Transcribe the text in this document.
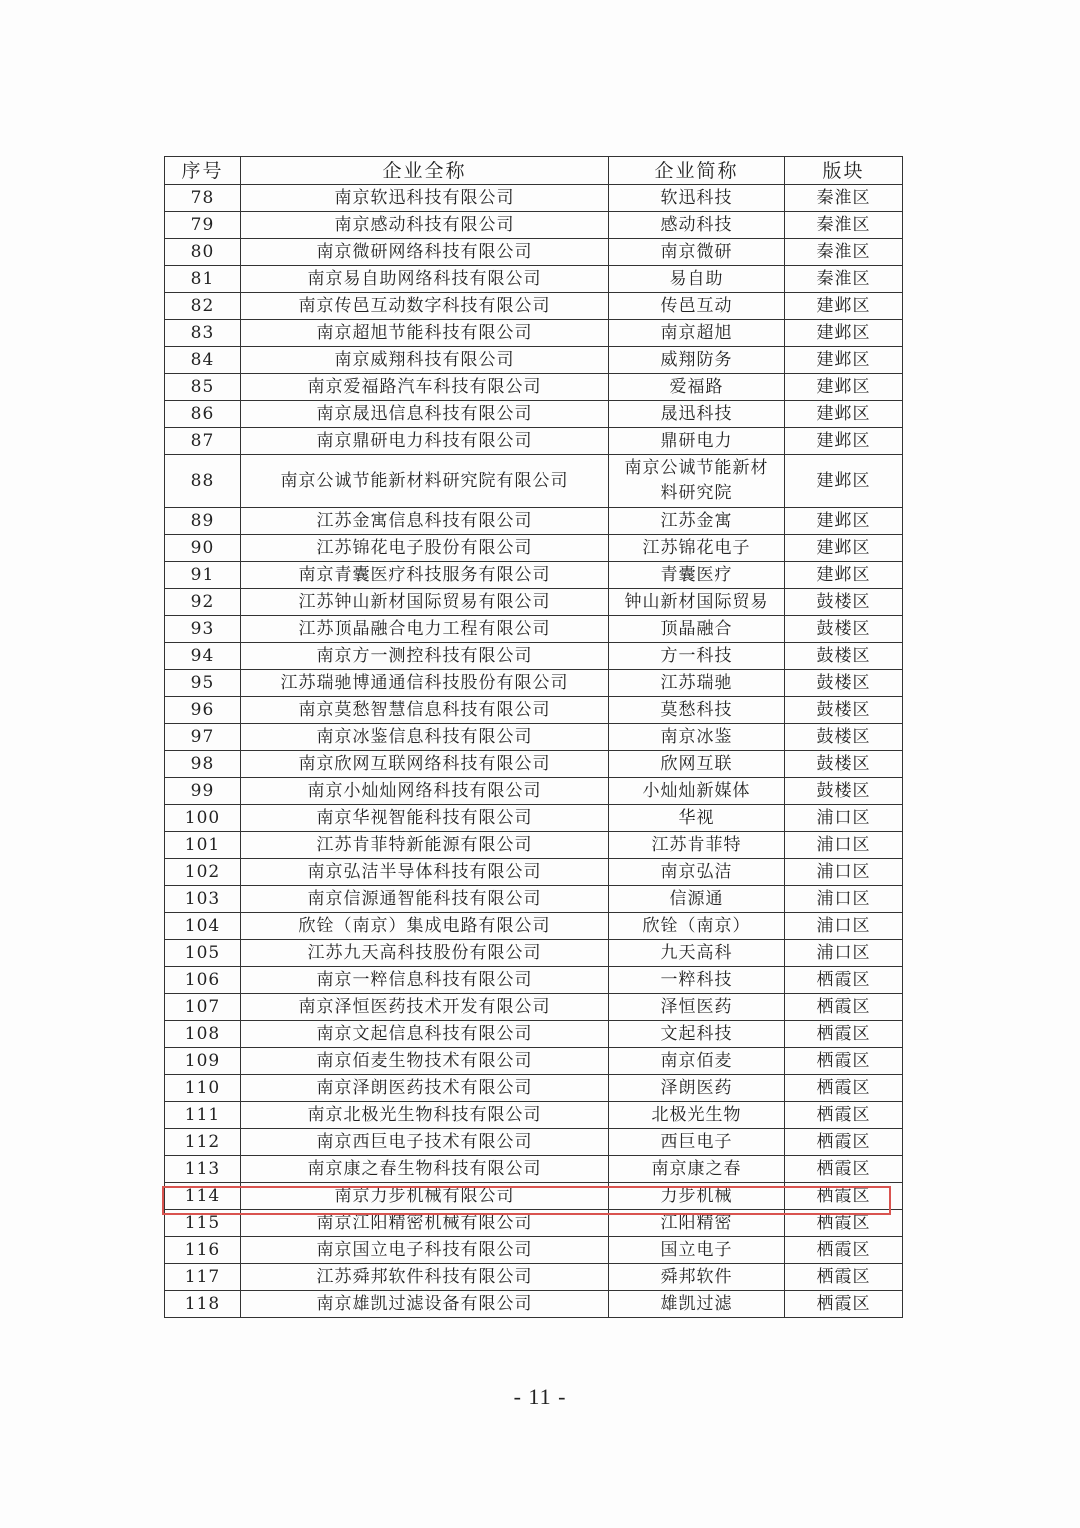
序号	企业全称	企业简称	版块
78	南京软迅科技有限公司	软迅科技	秦淮区
79	南京感动科技有限公司	感动科技	秦淮区
80	南京微研网络科技有限公司	南京微研	秦淮区
81	南京易自助网络科技有限公司	易自助	秦淮区
82	南京传邑互动数字科技有限公司	传邑互动	建邺区
83	南京超旭节能科技有限公司	南京超旭	建邺区
84	南京威翔科技有限公司	威翔防务	建邺区
85	南京爱福路汽车科技有限公司	爱福路	建邺区
86	南京晟迅信息科技有限公司	晟迅科技	建邺区
87	南京鼎研电力科技有限公司	鼎研电力	建邺区
88	南京公诚节能新材料研究院有限公司	南京公诚节能新材料研究院	建邺区
89	江苏金寓信息科技有限公司	江苏金寓	建邺区
90	江苏锦花电子股份有限公司	江苏锦花电子	建邺区
91	南京青囊医疗科技服务有限公司	青囊医疗	建邺区
92	江苏钟山新材国际贸易有限公司	钟山新材国际贸易	鼓楼区
93	江苏顶晶融合电力工程有限公司	顶晶融合	鼓楼区
94	南京方一测控科技有限公司	方一科技	鼓楼区
95	江苏瑞驰博通通信科技股份有限公司	江苏瑞驰	鼓楼区
96	南京莫愁智慧信息科技有限公司	莫愁科技	鼓楼区
97	南京冰鉴信息科技有限公司	南京冰鉴	鼓楼区
98	南京欣网互联网络科技有限公司	欣网互联	鼓楼区
99	南京小灿灿网络科技有限公司	小灿灿新媒体	鼓楼区
100	南京华视智能科技有限公司	华视	浦口区
101	江苏肯菲特新能源有限公司	江苏肯菲特	浦口区
102	南京弘洁半导体科技有限公司	南京弘洁	浦口区
103	南京信源通智能科技有限公司	信源通	浦口区
104	欣铨（南京）集成电路有限公司	欣铨（南京）	浦口区
105	江苏九天高科技股份有限公司	九天高科	浦口区
106	南京一粹信息科技有限公司	一粹科技	栖霞区
107	南京泽恒医药技术开发有限公司	泽恒医药	栖霞区
108	南京文起信息科技有限公司	文起科技	栖霞区
109	南京佰麦生物技术有限公司	南京佰麦	栖霞区
110	南京泽朗医药技术有限公司	泽朗医药	栖霞区
111	南京北极光生物科技有限公司	北极光生物	栖霞区
112	南京西巨电子技术有限公司	西巨电子	栖霞区
113	南京康之春生物科技有限公司	南京康之春	栖霞区
114	南京力步机械有限公司	力步机械	栖霞区
115	南京江阳精密机械有限公司	江阳精密	栖霞区
116	南京国立电子科技有限公司	国立电子	栖霞区
117	江苏舜邦软件科技有限公司	舜邦软件	栖霞区
118	南京雄凯过滤设备有限公司	雄凯过滤	栖霞区
- 11 -
